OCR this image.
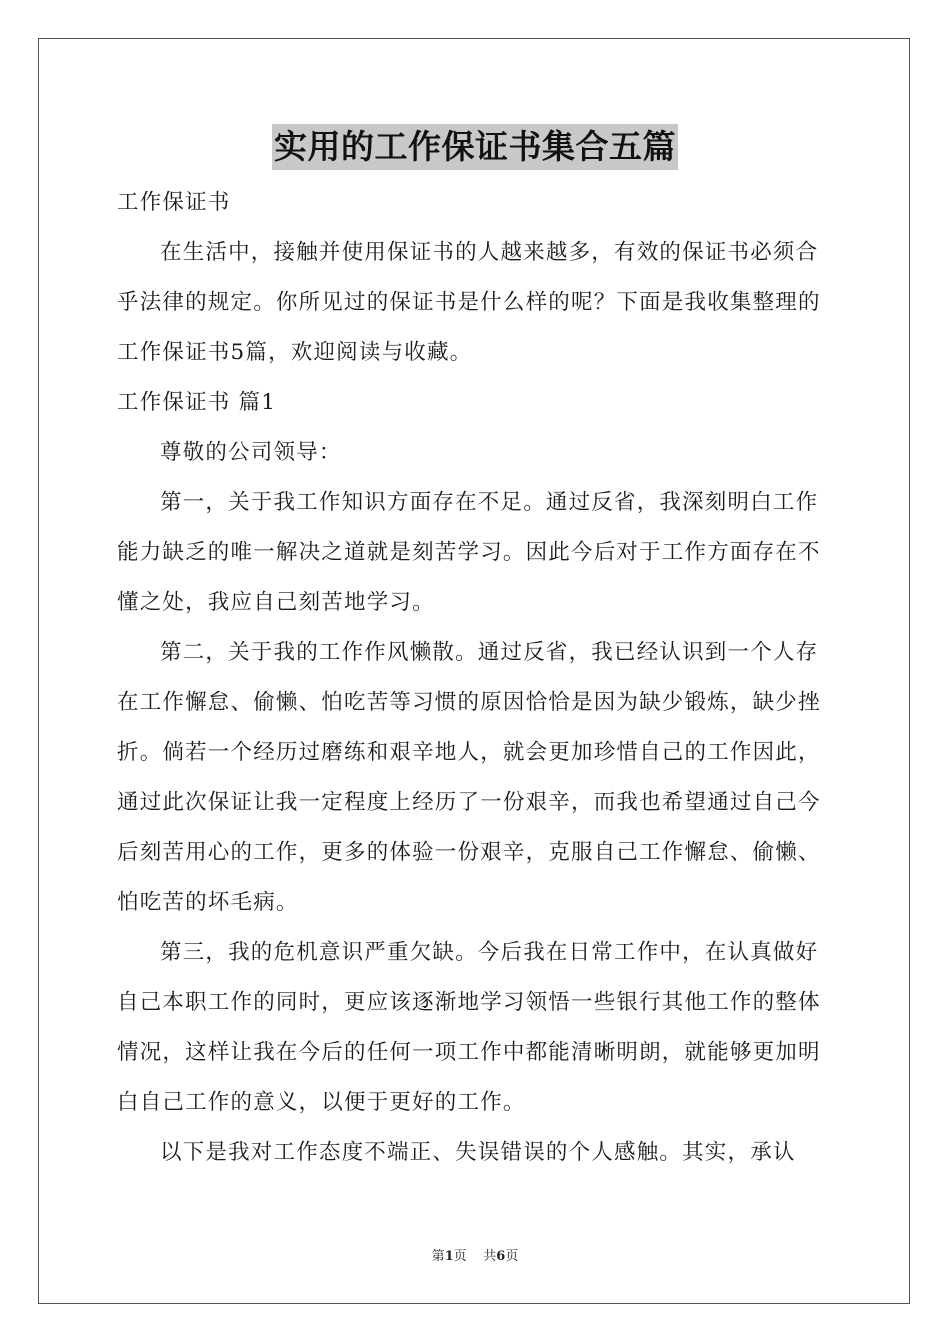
实用的工作保证书集合五篇

工作保证书

在生活中，接触并使用保证书的人越来越多，有效的保证书必须合乎法律的规定。你所见过的保证书是什么样的呢？下面是我收集整理的工作保证书5篇，欢迎阅读与收藏。

工作保证书 篇1

尊敬的公司领导：

第一，关于我工作知识方面存在不足。通过反省，我深刻明白工作能力缺乏的唯一解决之道就是刻苦学习。因此今后对于工作方面存在不懂之处，我应自己刻苦地学习。

第二，关于我的工作作风懒散。通过反省，我已经认识到一个人存在工作懈怠、偷懒、怕吃苦等习惯的原因恰恰是因为缺少锻炼，缺少挫折。倘若一个经历过磨练和艰辛地人，就会更加珍惜自己的工作因此，通过此次保证让我一定程度上经历了一份艰辛，而我也希望通过自己今后刻苦用心的工作，更多的体验一份艰辛，克服自己工作懈怠、偷懒、怕吃苦的坏毛病。

第三，我的危机意识严重欠缺。今后我在日常工作中，在认真做好自己本职工作的同时，更应该逐渐地学习领悟一些银行其他工作的整体情况，这样让我在今后的任何一项工作中都能清晰明朗，就能够更加明白自己工作的意义，以便于更好的工作。

以下是我对工作态度不端正、失误错误的个人感触。其实，承认

第1页    共6页
